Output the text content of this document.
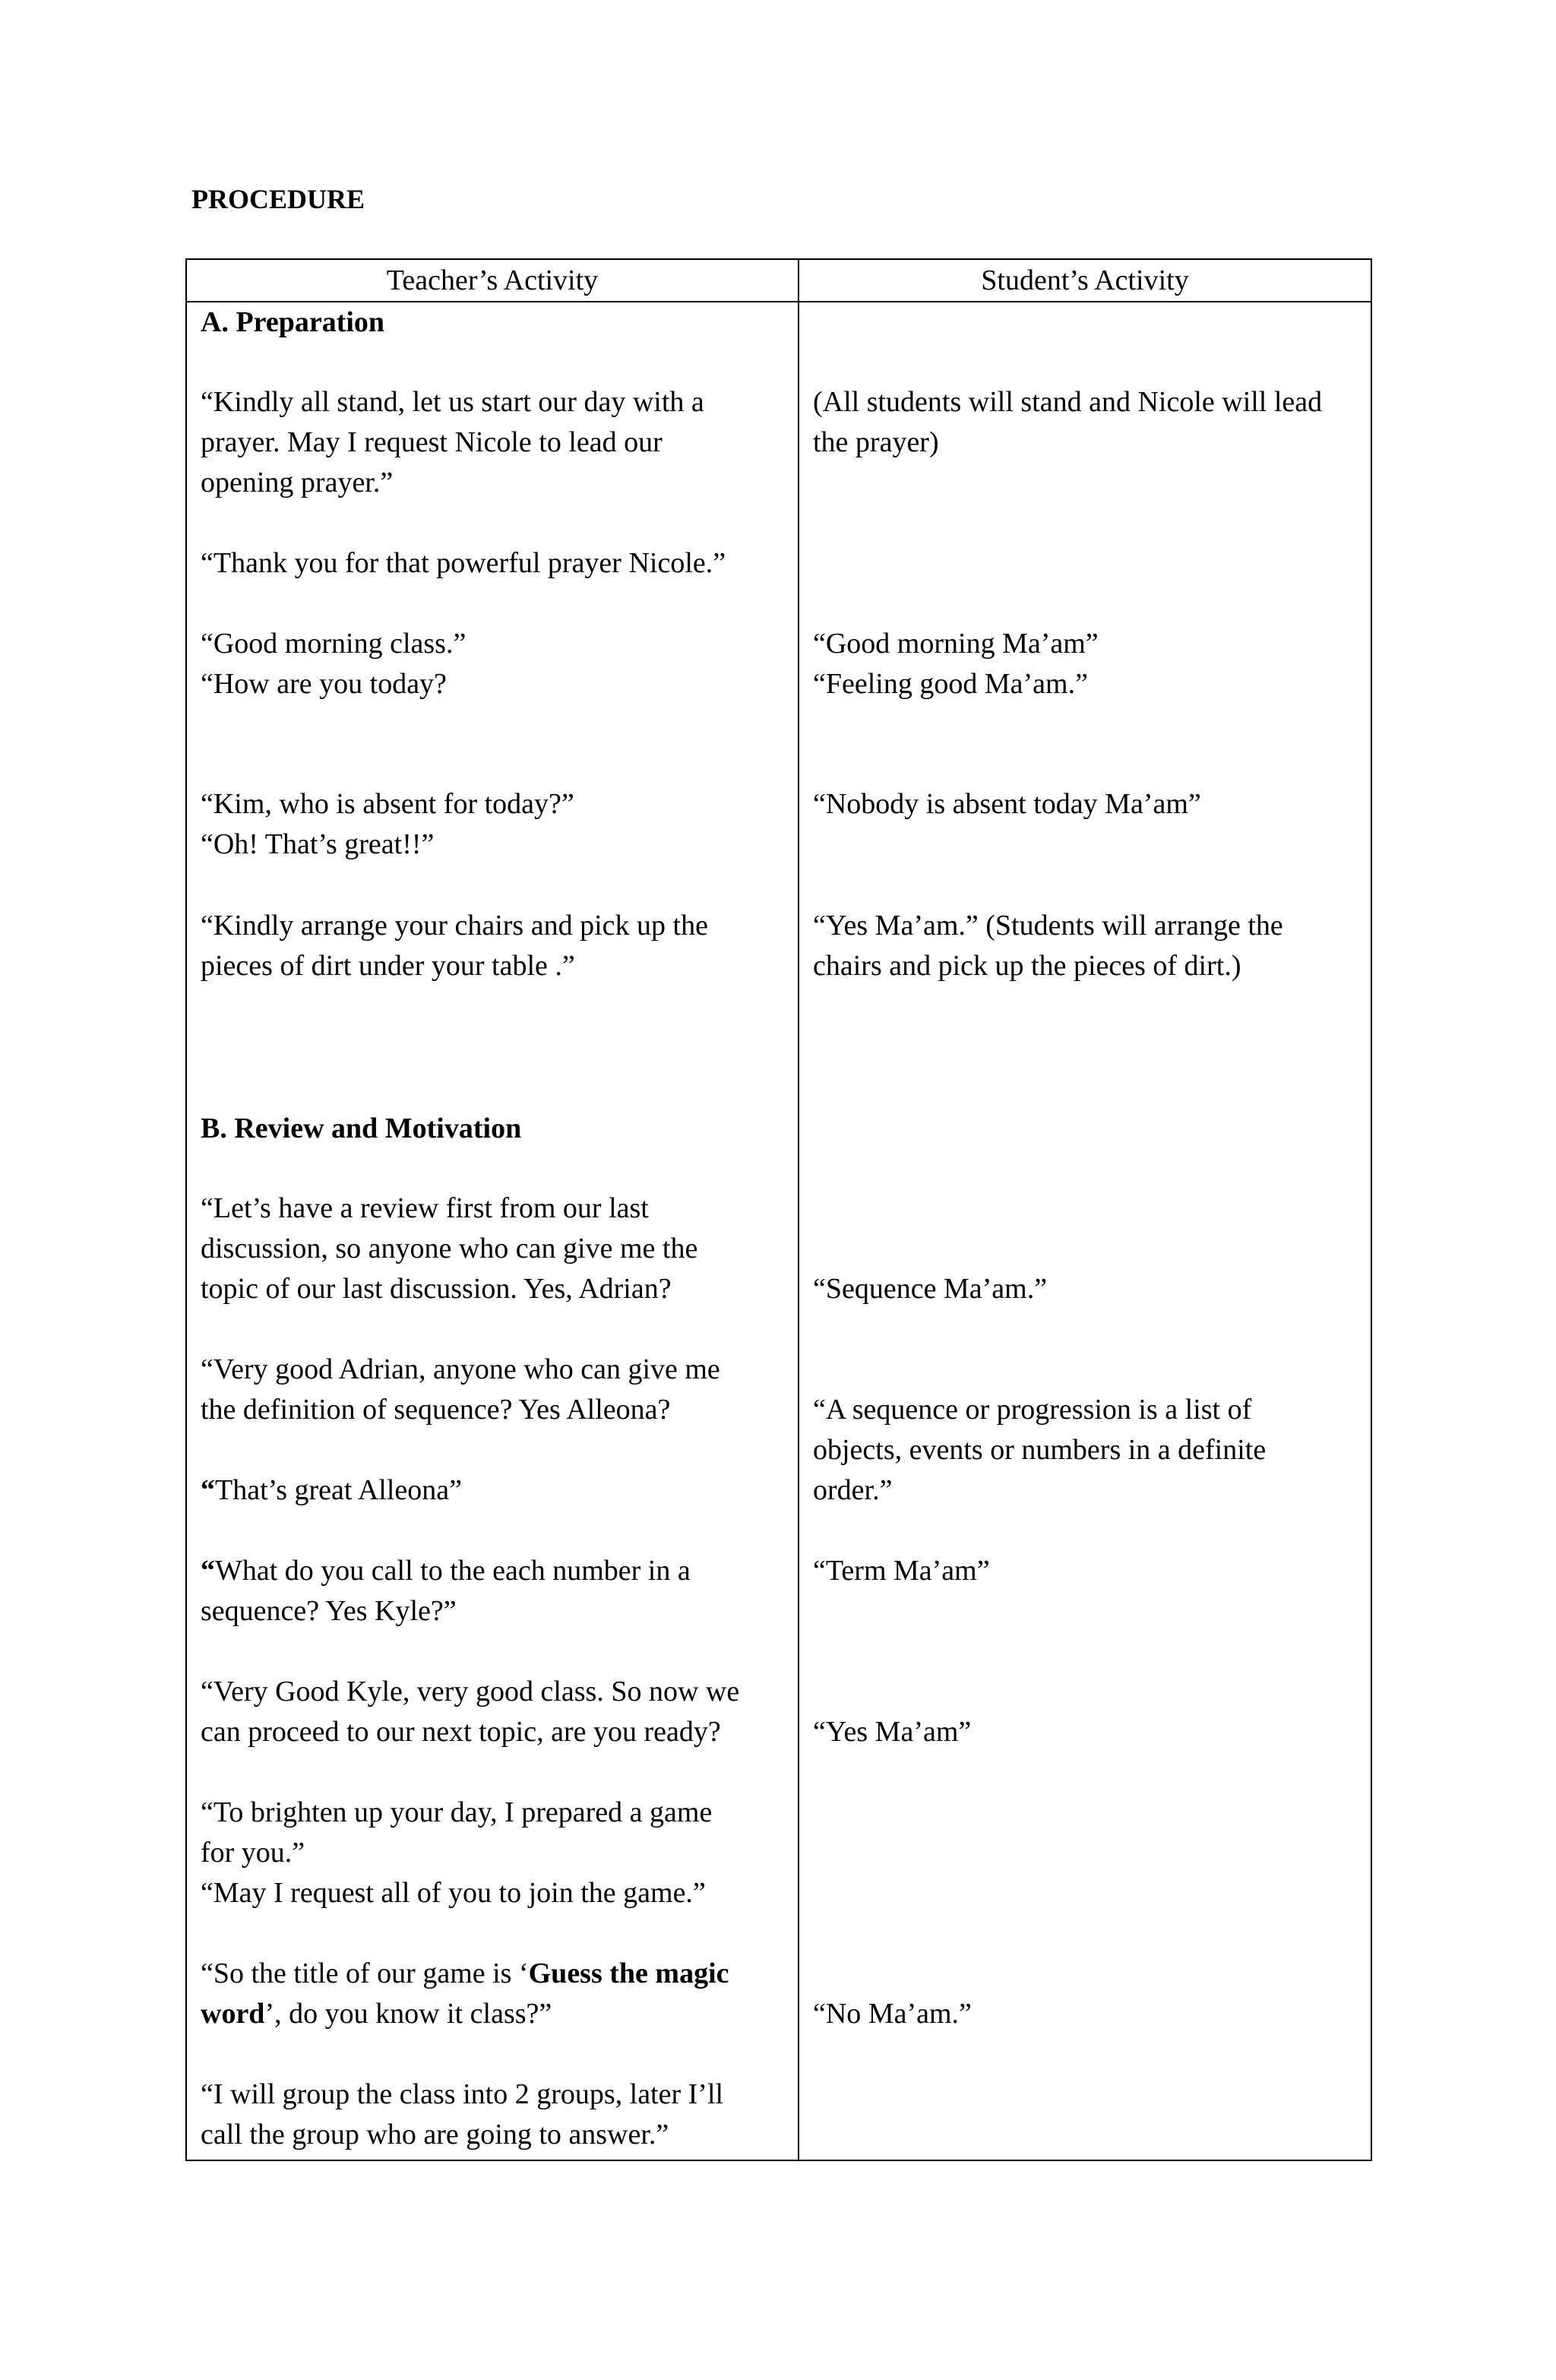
PROCEDURE
Teacher’s Activity	Student’s Activity
A. Preparation
“Kindly all stand, let us start our day with a
prayer. May I request Nicole to lead our
opening prayer.”
“Thank you for that powerful prayer Nicole.”
“Good morning class.”
“How are you today?
“Kim, who is absent for today?”
“Oh! That’s great!!”
“Kindly arrange your chairs and pick up the
pieces of dirt under your table .”
B. Review and Motivation
“Let’s have a review first from our last
discussion, so anyone who can give me the
topic of our last discussion. Yes, Adrian?
“Very good Adrian, anyone who can give me
the definition of sequence? Yes Alleona?
“That’s great Alleona”
“What do you call to the each number in a
sequence? Yes Kyle?”
“Very Good Kyle, very good class. So now we
can proceed to our next topic, are you ready?
“To brighten up your day, I prepared a game
for you.”
“May I request all of you to join the game.”
“So the title of our game is ‘Guess the magic
word’, do you know it class?”
“I will group the class into 2 groups, later I’ll
call the group who are going to answer.”
(All students will stand and Nicole will lead
the prayer)
“Good morning Ma’am”
“Feeling good Ma’am.”
“Nobody is absent today Ma’am”
“Yes Ma’am.” (Students will arrange the
chairs and pick up the pieces of dirt.)
“Sequence Ma’am.”
“A sequence or progression is a list of
objects, events or numbers in a definite
order.”
“Term Ma’am”
“Yes Ma’am”
“No Ma’am.”
